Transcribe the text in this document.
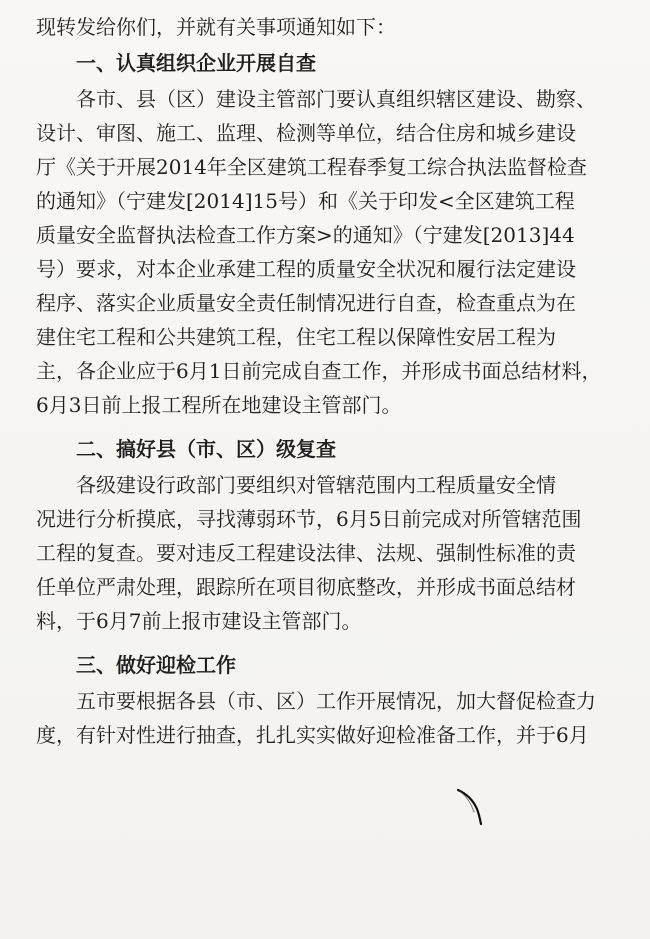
现转发给你们，并就有关事项通知如下：
一、认真组织企业开展自查
各市、县（区）建设主管部门要认真组织辖区建设、勘察、
设计、审图、施工、监理、检测等单位，结合住房和城乡建设
厅《关于开展2014年全区建筑工程春季复工综合执法监督检查
的通知》（宁建发[2014]15号）和《关于印发<全区建筑工程
质量安全监督执法检查工作方案>的通知》（宁建发[2013]44
号）要求，对本企业承建工程的质量安全状况和履行法定建设
程序、落实企业质量安全责任制情况进行自查，检查重点为在
建住宅工程和公共建筑工程，住宅工程以保障性安居工程为
主，各企业应于6月1日前完成自查工作，并形成书面总结材料，
6月3日前上报工程所在地建设主管部门。
二、搞好县（市、区）级复查
各级建设行政部门要组织对管辖范围内工程质量安全情
况进行分析摸底，寻找薄弱环节，6月5日前完成对所管辖范围
工程的复查。要对违反工程建设法律、法规、强制性标准的责
任单位严肃处理，跟踪所在项目彻底整改，并形成书面总结材
料，于6月7前上报市建设主管部门。
三、做好迎检工作
五市要根据各县（市、区）工作开展情况，加大督促检查力
度，有针对性进行抽查，扎扎实实做好迎检准备工作，并于6月
